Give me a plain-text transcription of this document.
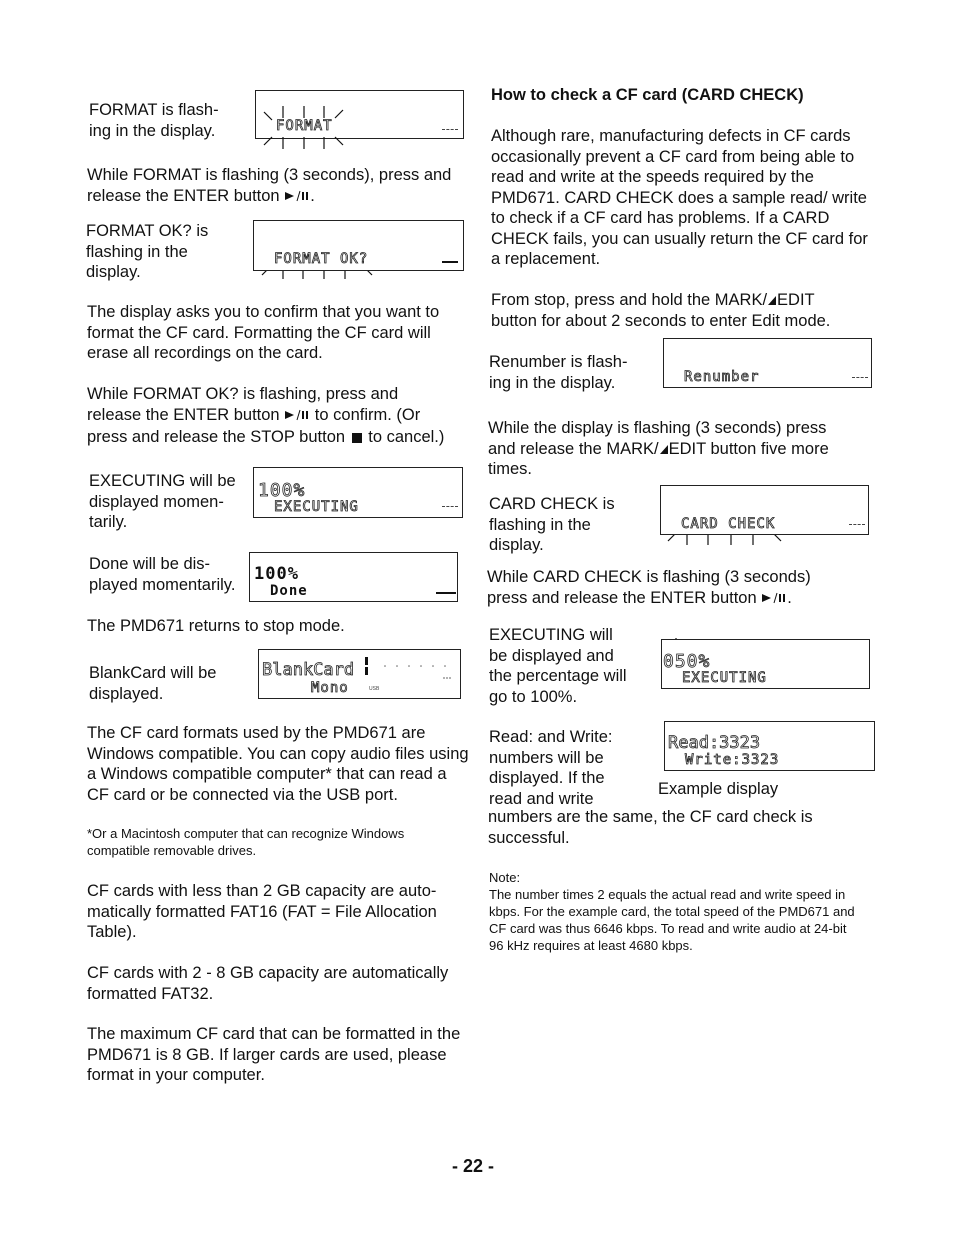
FORMAT is flash-
ing in the display.	FORMAT

While FORMAT is flashing (3 seconds), press and release the ENTER button .

FORMAT OK? is
flashing in the
display.

FORMAT OK?

The display asks you to confirm that you want to format the CF card. Formatting the CF card will erase all recordings on the card.

While FORMAT OK? is flashing, press and
release the ENTER button to confirm. (Or
press and release the STOP button to cancel.)

EXECUTING will be
displayed momen-
tarily.

100%
EXECUTING

Done will be dis-
played momentarily.

100%
Done

The PMD671 returns to stop mode.

BlankCard will be
displayed.

BlankCard
Mono	USB

The CF card formats used by the PMD671 are Windows compatible. You can copy audio files using a Windows compatible computer* that can read a CF card or be connected via the USB port.

*Or a Macintosh computer that can recognize Windows compatible removable drives.

CF cards with less than 2 GB capacity are auto-matically formatted FAT16 (FAT = File Allocation Table).

CF cards with 2 - 8 GB capacity are automatically formatted FAT32.

The maximum CF card that can be formatted in the PMD671 is 8 GB. If larger cards are used, please format in your computer.

How to check a CF card (CARD CHECK)

Although rare, manufacturing defects in CF cards occasionally prevent a CF card from being able to read and write at the speeds required by the PMD671. CARD CHECK does a sample read/ write to check if a CF card has problems. If a CARD CHECK fails, you can usually return the CF card for a replacement.

From stop, press and hold the MARK/ EDIT
button for about 2 seconds to enter Edit mode.

Renumber is flash-
ing in the display.	Renumber

While the display is flashing (3 seconds) press
and release the MARK/ EDIT button five more
times.

CARD CHECK is
flashing in the
display.

CARD CHECK

While CARD CHECK is flashing (3 seconds)
press and release the ENTER button .

EXECUTING will
be displayed and
the percentage will
go to 100%.

050%
EXECUTING

Read: and Write:
numbers will be
displayed. If the
read and write

Read:3323
Write:3323

Example display

numbers are the same, the CF card check is
successful.

Note:

The number times 2 equals the actual read and write speed in kbps. For the example card, the total speed of the PMD671 and CF card was thus 6646 kbps. To read and write audio at 24-bit 96 kHz requires at least 4680 kbps.

- 22 -
